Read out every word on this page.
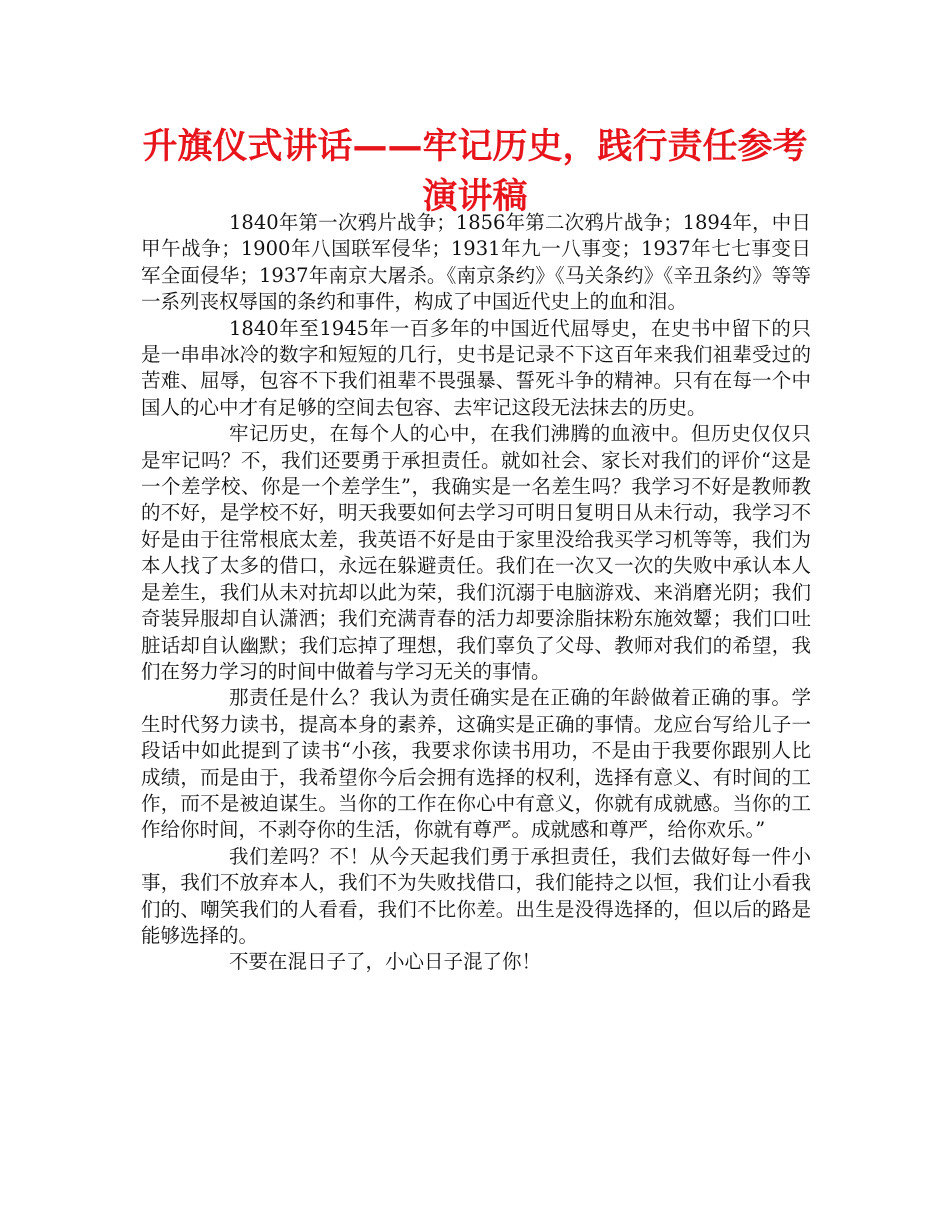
升旗仪式讲话——牢记历史，践行责任参考演讲稿

1840年第一次鸦片战争；1856年第二次鸦片战争；1894年，中日甲午战争；1900年八国联军侵华；1931年九一八事变；1937年七七事变日军全面侵华；1937年南京大屠杀。《南京条约》《马关条约》《辛丑条约》等等一系列丧权辱国的条约和事件，构成了中国近代史上的血和泪。

1840年至1945年一百多年的中国近代屈辱史，在史书中留下的只是一串串冰冷的数字和短短的几行，史书是记录不下这百年来我们祖辈受过的苦难、屈辱，包容不下我们祖辈不畏强暴、誓死斗争的精神。只有在每一个中国人的心中才有足够的空间去包容、去牢记这段无法抹去的历史。

牢记历史，在每个人的心中，在我们沸腾的血液中。但历史仅仅只是牢记吗？不，我们还要勇于承担责任。就如社会、家长对我们的评价“这是一个差学校、你是一个差学生”，我确实是一名差生吗？我学习不好是教师教的不好，是学校不好，明天我要如何去学习可明日复明日从未行动，我学习不好是由于往常根底太差，我英语不好是由于家里没给我买学习机等等，我们为本人找了太多的借口，永远在躲避责任。我们在一次又一次的失败中承认本人是差生，我们从未对抗却以此为荣，我们沉溺于电脑游戏、来消磨光阴；我们奇装异服却自认潇洒；我们充满青春的活力却要涂脂抹粉东施效颦；我们口吐脏话却自认幽默；我们忘掉了理想，我们辜负了父母、教师对我们的希望，我们在努力学习的时间中做着与学习无关的事情。

那责任是什么？我认为责任确实是在正确的年龄做着正确的事。学生时代努力读书，提高本身的素养，这确实是正确的事情。龙应台写给儿子一段话中如此提到了读书“小孩，我要求你读书用功，不是由于我要你跟别人比成绩，而是由于，我希望你今后会拥有选择的权利，选择有意义、有时间的工作，而不是被迫谋生。当你的工作在你心中有意义，你就有成就感。当你的工作给你时间，不剥夺你的生活，你就有尊严。成就感和尊严，给你欢乐。”

我们差吗？不！从今天起我们勇于承担责任，我们去做好每一件小事，我们不放弃本人，我们不为失败找借口，我们能持之以恒，我们让小看我们的、嘲笑我们的人看看，我们不比你差。出生是没得选择的，但以后的路是能够选择的。

不要在混日子了，小心日子混了你！
